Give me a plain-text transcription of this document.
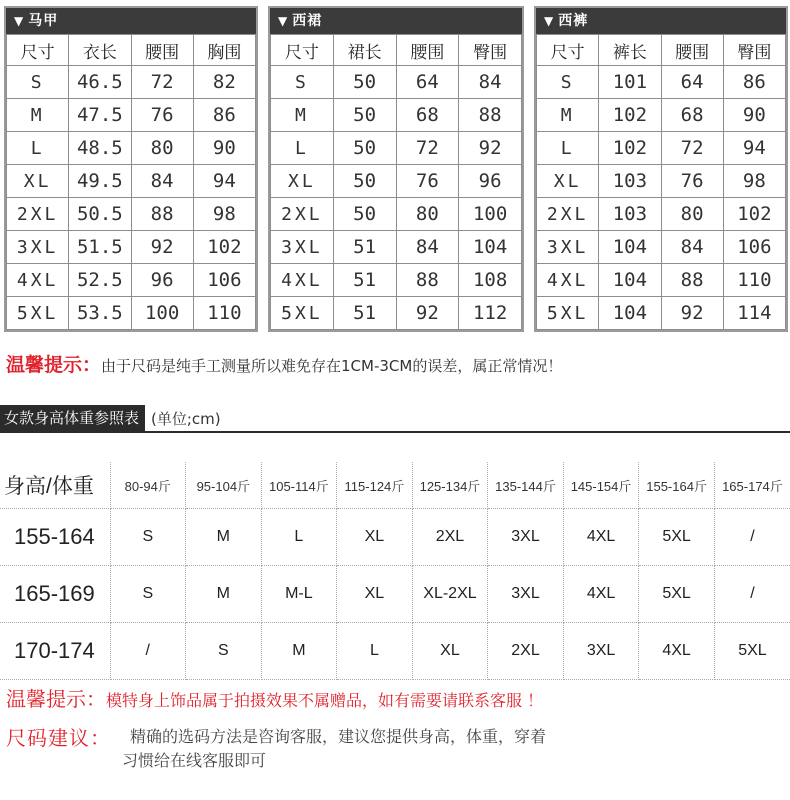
▼ 马甲
尺寸	衣长	腰围	胸围
S	46.5	72	82
M	47.5	76	86
L	48.5	80	90
XL	49.5	84	94
2XL	50.5	88	98
3XL	51.5	92	102
4XL	52.5	96	106
5XL	53.5	100	110
▼ 西裙
尺寸	裙长	腰围	臀围
S	50	64	84
M	50	68	88
L	50	72	92
XL	50	76	96
2XL	50	80	100
3XL	51	84	104
4XL	51	88	108
5XL	51	92	112
▼ 西裤
尺寸	裤长	腰围	臀围
S	101	64	86
M	102	68	90
L	102	72	94
XL	103	76	98
2XL	103	80	102
3XL	104	84	106
4XL	104	88	110
5XL	104	92	114
温馨提示：由于尺码是纯手工测量所以难免存在1CM-3CM的误差，属正常情况！
女款身高体重参照表 (单位;cm)
身高/体重	80-94斤	95-104斤	105-114斤	115-124斤	125-134斤	135-144斤	145-154斤	155-164斤	165-174斤
155-164	S	M	L	XL	2XL	3XL	4XL	5XL	/
165-169	S	M	M-L	XL	XL-2XL	3XL	4XL	5XL	/
170-174	/	S	M	L	XL	2XL	3XL	4XL	5XL
温馨提示：模特身上饰品属于拍摄效果不属赠品，如有需要请联系客服 ！
尺码建议： 精确的选码方法是咨询客服，建议您提供身高，体重，穿着
习惯给在线客服即可
